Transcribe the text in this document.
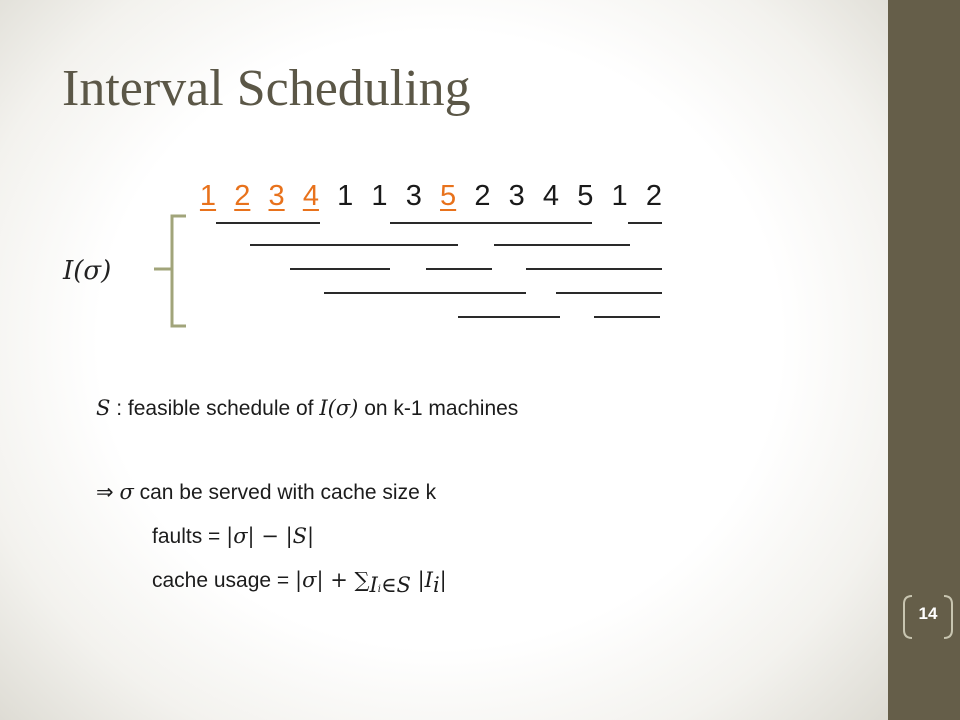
Interval Scheduling
1 2 3 4 1 1 3 5 2 3 4 5 1 2
I(σ)
S : feasible schedule of I(σ) on k-1 machines
⇒ σ can be served with cache size k
faults = |σ| − |S|
cache usage = |σ| + ∑Ii∈S |Ii|
14
